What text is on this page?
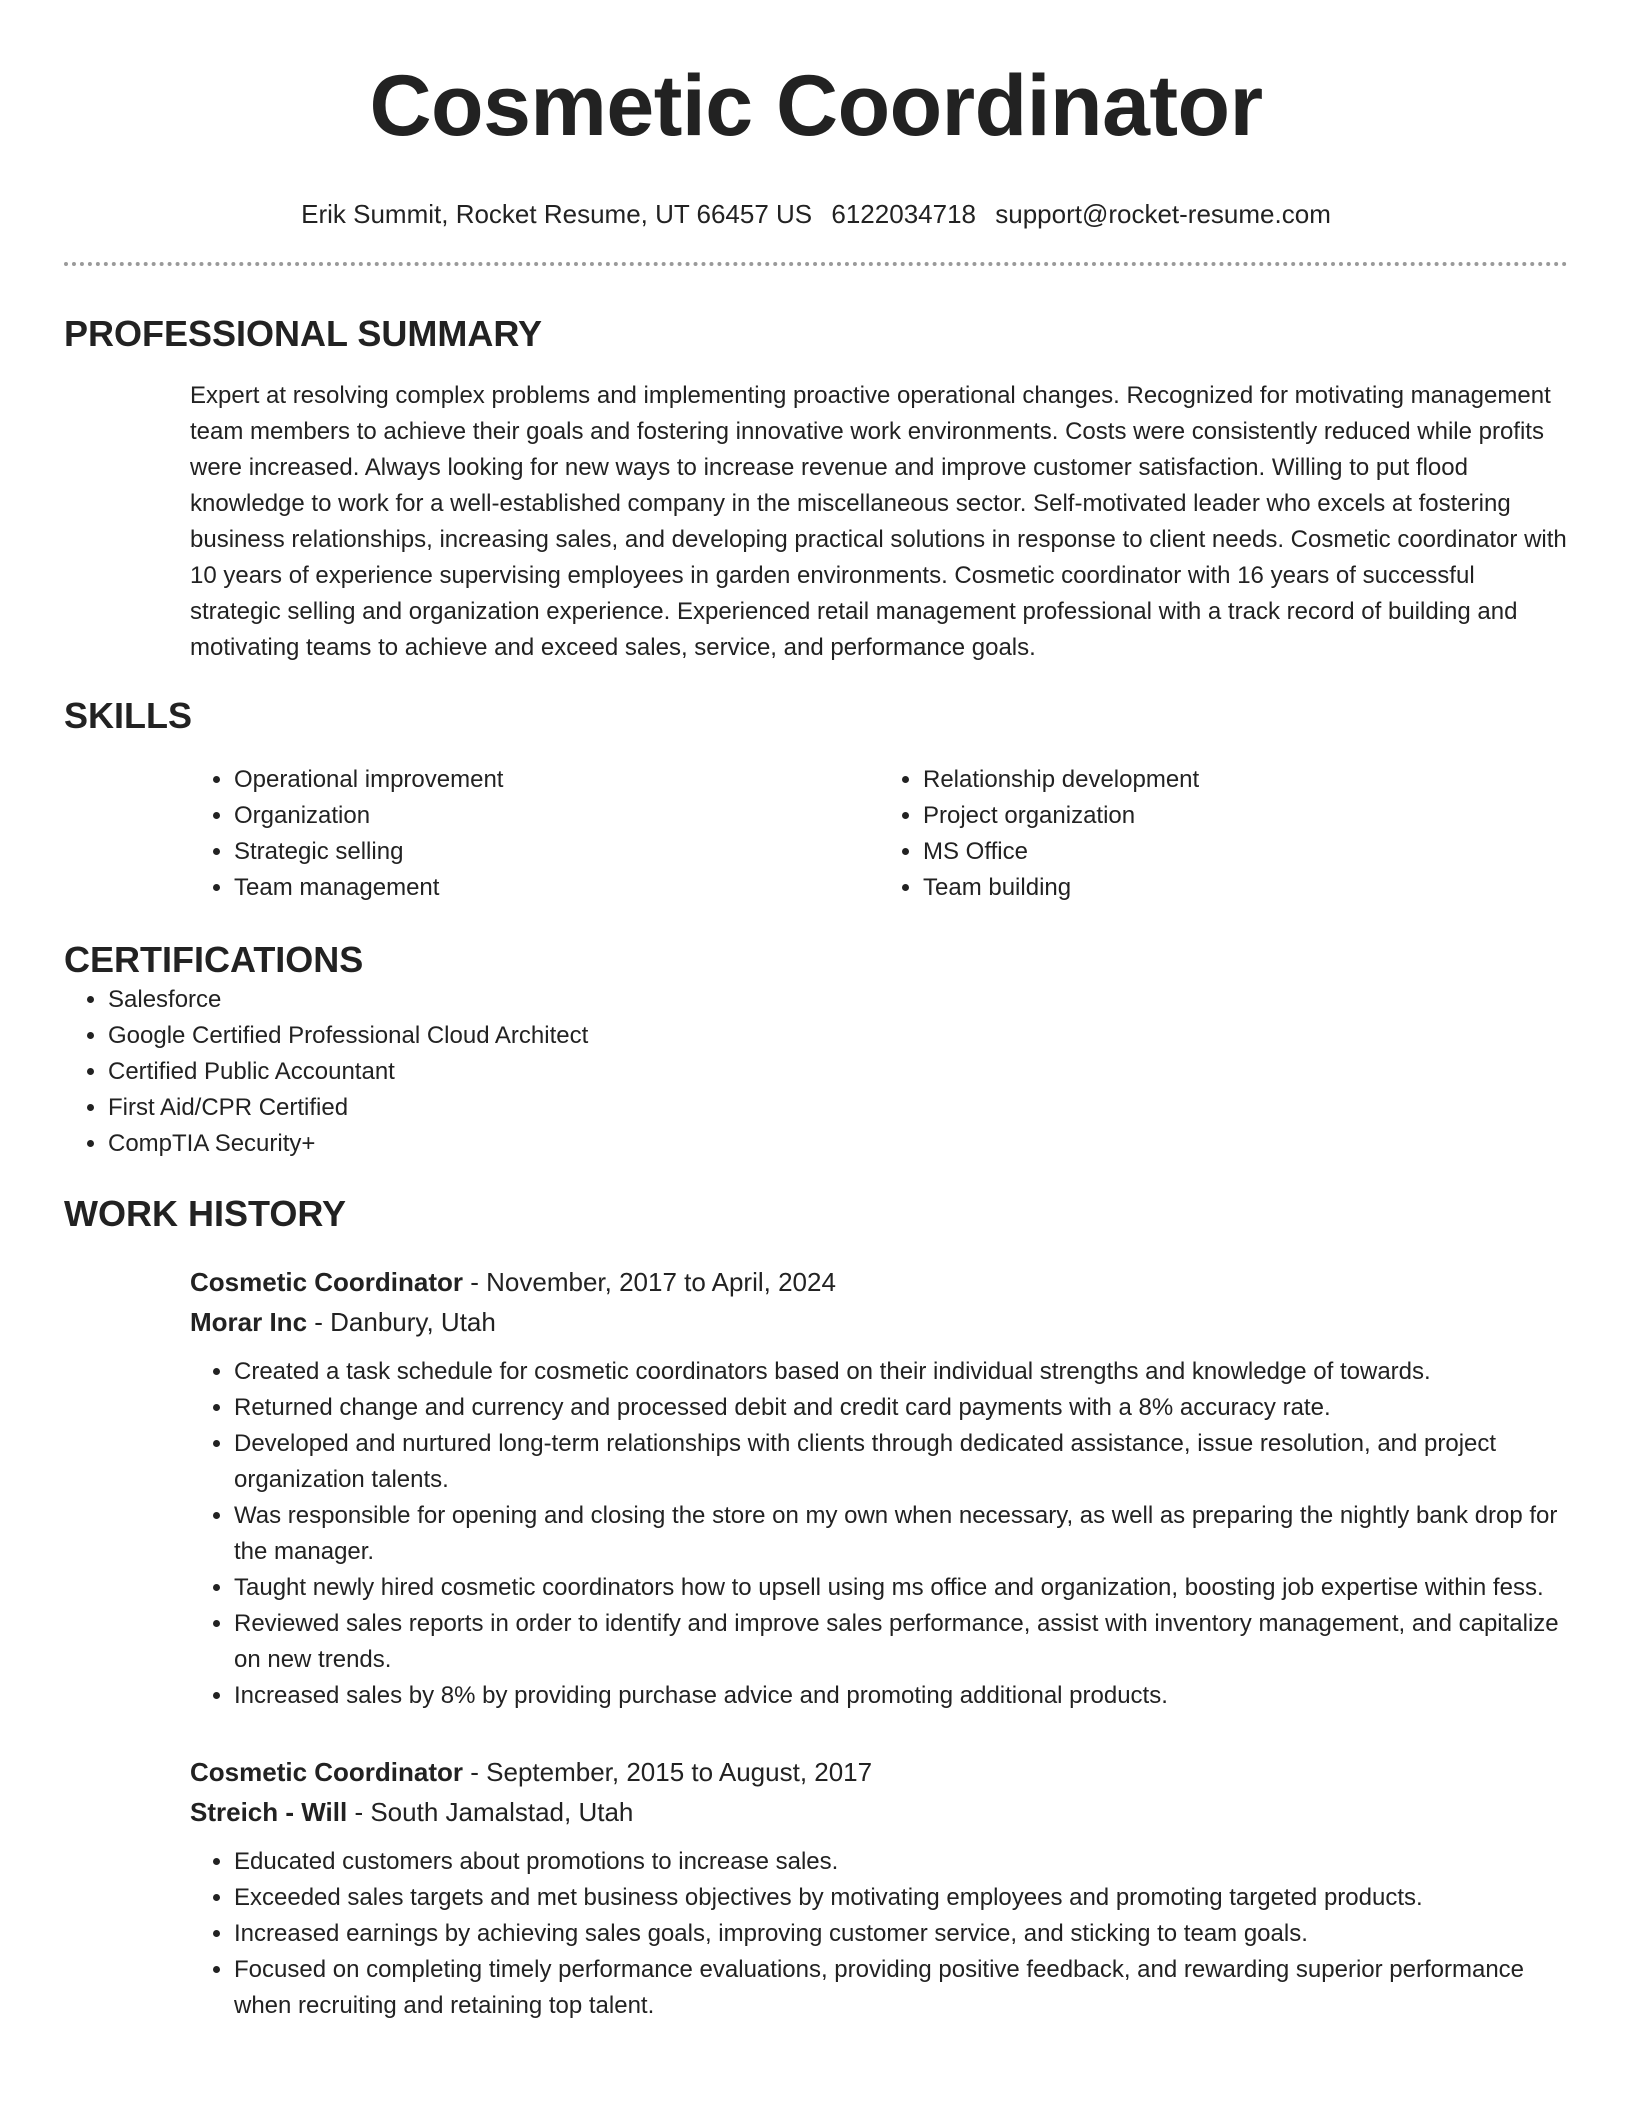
Cosmetic Coordinator
Erik Summit, Rocket Resume, UT 66457 US 6122034718 support@rocket-resume.com
PROFESSIONAL SUMMARY

Expert at resolving complex problems and implementing proactive operational changes. Recognized for motivating management team members to achieve their goals and fostering innovative work environments. Costs were consistently reduced while profits were increased. Always looking for new ways to increase revenue and improve customer satisfaction. Willing to put flood knowledge to work for a well-established company in the miscellaneous sector. Self-motivated leader who excels at fostering business relationships, increasing sales, and developing practical solutions in response to client needs. Cosmetic coordinator with 10 years of experience supervising employees in garden environments. Cosmetic coordinator with 16 years of successful strategic selling and organization experience. Experienced retail management professional with a track record of building and motivating teams to achieve and exceed sales, service, and performance goals.

SKILLS
• Operational improvement
• Organization
• Strategic selling
• Team management
• Relationship development
• Project organization
• MS Office
• Team building
CERTIFICATIONS
• Salesforce
• Google Certified Professional Cloud Architect
• Certified Public Accountant
• First Aid/CPR Certified
• CompTIA Security+
WORK HISTORY
Cosmetic Coordinator - November, 2017 to April, 2024
Morar Inc - Danbury, Utah
• Created a task schedule for cosmetic coordinators based on their individual strengths and knowledge of towards.
• Returned change and currency and processed debit and credit card payments with a 8% accuracy rate.
• Developed and nurtured long-term relationships with clients through dedicated assistance, issue resolution, and project organization talents.
• Was responsible for opening and closing the store on my own when necessary, as well as preparing the nightly bank drop for the manager.
• Taught newly hired cosmetic coordinators how to upsell using ms office and organization, boosting job expertise within fess.
• Reviewed sales reports in order to identify and improve sales performance, assist with inventory management, and capitalize on new trends.
• Increased sales by 8% by providing purchase advice and promoting additional products.
Cosmetic Coordinator - September, 2015 to August, 2017
Streich - Will - South Jamalstad, Utah
• Educated customers about promotions to increase sales.
• Exceeded sales targets and met business objectives by motivating employees and promoting targeted products.
• Increased earnings by achieving sales goals, improving customer service, and sticking to team goals.
• Focused on completing timely performance evaluations, providing positive feedback, and rewarding superior performance when recruiting and retaining top talent.
